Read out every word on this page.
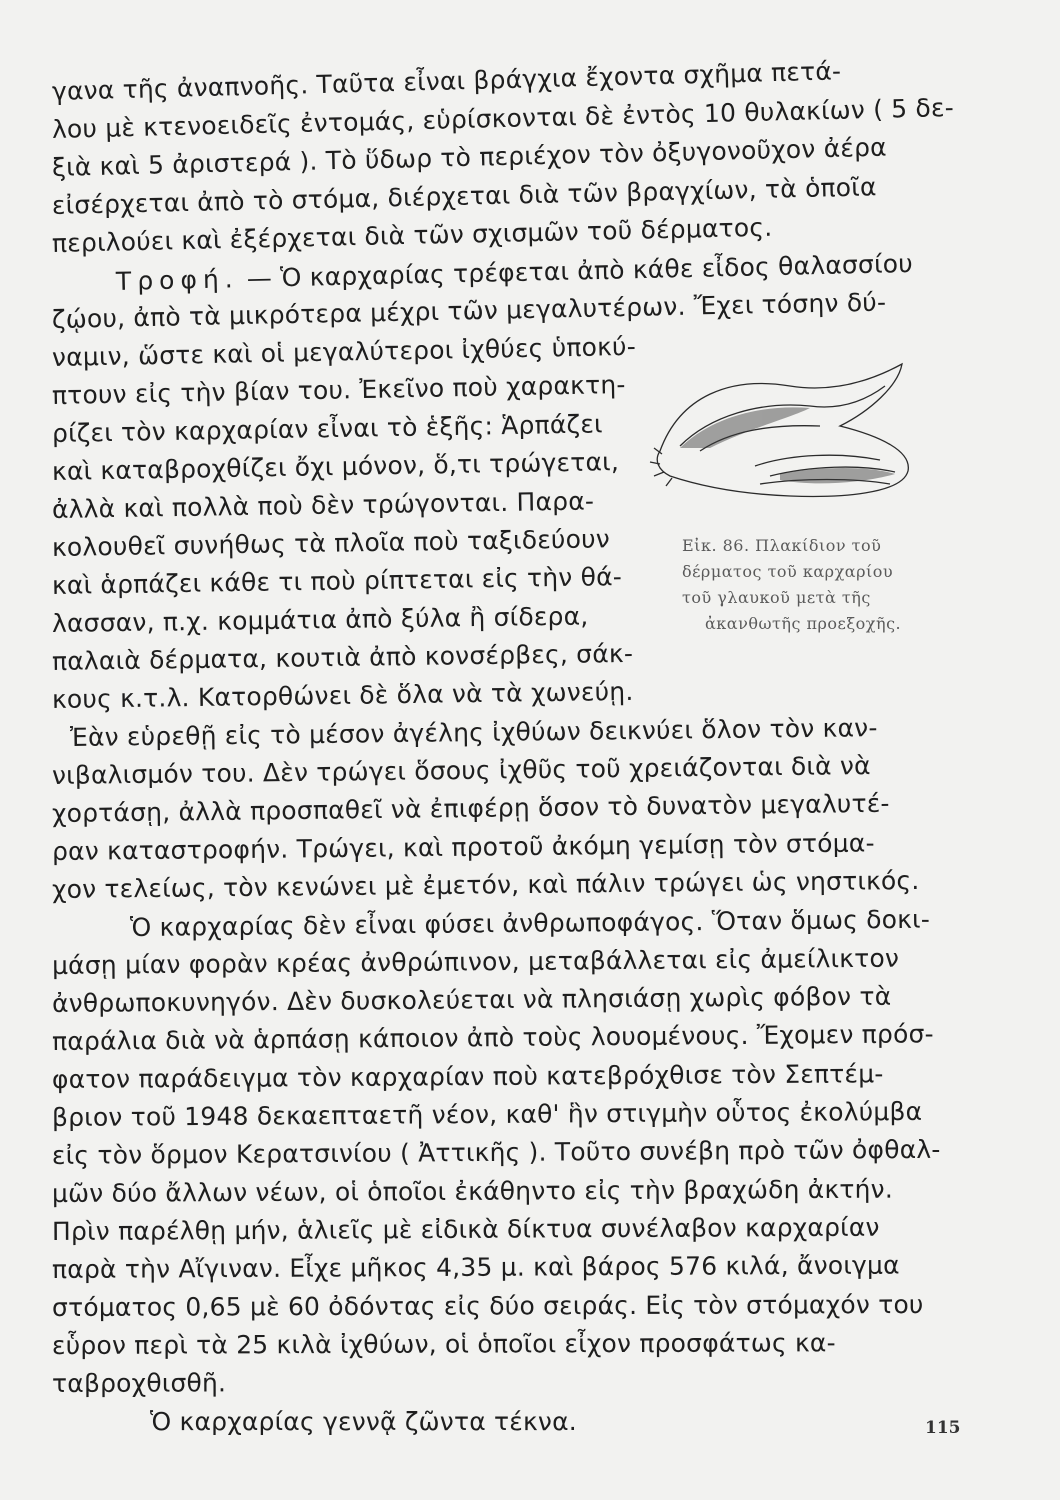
γανα τῆς ἀναπνοῆς. Ταῦτα εἶναι βράγχια ἔχοντα σχῆμα πετά-
λου μὲ κτενοειδεῖς ἐντομάς, εὑρίσκονται δὲ ἐντὸς 10 θυλακίων ( 5 δε-
ξιὰ καὶ 5 ἀριστερά ). Τὸ ὕδωρ τὸ περιέχον τὸν ὀξυγονοῦχον ἀέρα
εἰσέρχεται ἀπὸ τὸ στόμα, διέρχεται διὰ τῶν βραγχίων, τὰ ὁποῖα
περιλούει καὶ ἐξέρχεται διὰ τῶν σχισμῶν τοῦ δέρματος.
Τροφή. — Ὁ καρχαρίας τρέφεται ἀπὸ κάθε εἶδος θαλασσίου
ζῴου, ἀπὸ τὰ μικρότερα μέχρι τῶν μεγαλυτέρων. Ἔχει τόσην δύ-
ναμιν, ὥστε καὶ οἱ μεγαλύτεροι ἰχθύες ὑποκύ-
πτουν εἰς τὴν βίαν του. Ἐκεῖνο ποὺ χαρακτη-
ρίζει τὸν καρχαρίαν εἶναι τὸ ἑξῆς: Ἁρπάζει
καὶ καταβροχθίζει ὄχι μόνον, ὅ,τι τρώγεται,
ἀλλὰ καὶ πολλὰ ποὺ δὲν τρώγονται. Παρα-
κολουθεῖ συνήθως τὰ πλοῖα ποὺ ταξιδεύουν
καὶ ἁρπάζει κάθε τι ποὺ ρίπτεται εἰς τὴν θά-
λασσαν, π.χ. κομμάτια ἀπὸ ξύλα ἢ σίδερα,
παλαιὰ δέρματα, κουτιὰ ἀπὸ κονσέρβες, σάκ-
κους κ.τ.λ. Κατορθώνει δὲ ὅλα νὰ τὰ χωνεύῃ.
Ἐὰν εὑρεθῇ εἰς τὸ μέσον ἀγέλης ἰχθύων δεικνύει ὅλον τὸν καν-
νιβαλισμόν του. Δὲν τρώγει ὅσους ἰχθῦς τοῦ χρειάζονται διὰ νὰ
χορτάσῃ, ἀλλὰ προσπαθεῖ νὰ ἐπιφέρῃ ὅσον τὸ δυνατὸν μεγαλυτέ-
ραν καταστροφήν. Τρώγει, καὶ προτοῦ ἀκόμη γεμίσῃ τὸν στόμα-
χον τελείως, τὸν κενώνει μὲ ἐμετόν, καὶ πάλιν τρώγει ὡς νηστικός.
Ὁ καρχαρίας δὲν εἶναι φύσει ἀνθρωποφάγος. Ὅταν ὅμως δοκι-
μάσῃ μίαν φορὰν κρέας ἀνθρώπινον, μεταβάλλεται εἰς ἀμείλικτον
ἀνθρωποκυνηγόν. Δὲν δυσκολεύεται νὰ πλησιάσῃ χωρὶς φόβον τὰ
παράλια διὰ νὰ ἁρπάσῃ κάποιον ἀπὸ τοὺς λουομένους. Ἔχομεν πρόσ-
φατον παράδειγμα τὸν καρχαρίαν ποὺ κατεβρόχθισε τὸν Σεπτέμ-
βριον τοῦ 1948 δεκαεπταετῆ νέον, καθ' ἣν στιγμὴν οὗτος ἐκολύμβα
εἰς τὸν ὅρμον Κερατσινίου ( Ἀττικῆς ). Τοῦτο συνέβη πρὸ τῶν ὀφθαλ-
μῶν δύο ἄλλων νέων, οἱ ὁποῖοι ἐκάθηντο εἰς τὴν βραχώδη ἀκτήν.
Πρὶν παρέλθῃ μήν, ἁλιεῖς μὲ εἰδικὰ δίκτυα συνέλαβον καρχαρίαν
παρὰ τὴν Αἴγιναν. Εἶχε μῆκος 4,35 μ. καὶ βάρος 576 κιλά, ἄνοιγμα
στόματος 0,65 μὲ 60 ὀδόντας εἰς δύο σειράς. Εἰς τὸν στόμαχόν του
εὗρον περὶ τὰ 25 κιλὰ ἰχθύων, οἱ ὁποῖοι εἶχον προσφάτως κα-
ταβροχθισθῆ.
Ὁ καρχαρίας γεννᾷ ζῶντα τέκνα.
Εἰκ. 86. Πλακίδιον τοῦ
δέρματος τοῦ καρχαρίου
τοῦ γλαυκοῦ μετὰ τῆς
ἀκανθωτῆς προεξοχῆς.
115
